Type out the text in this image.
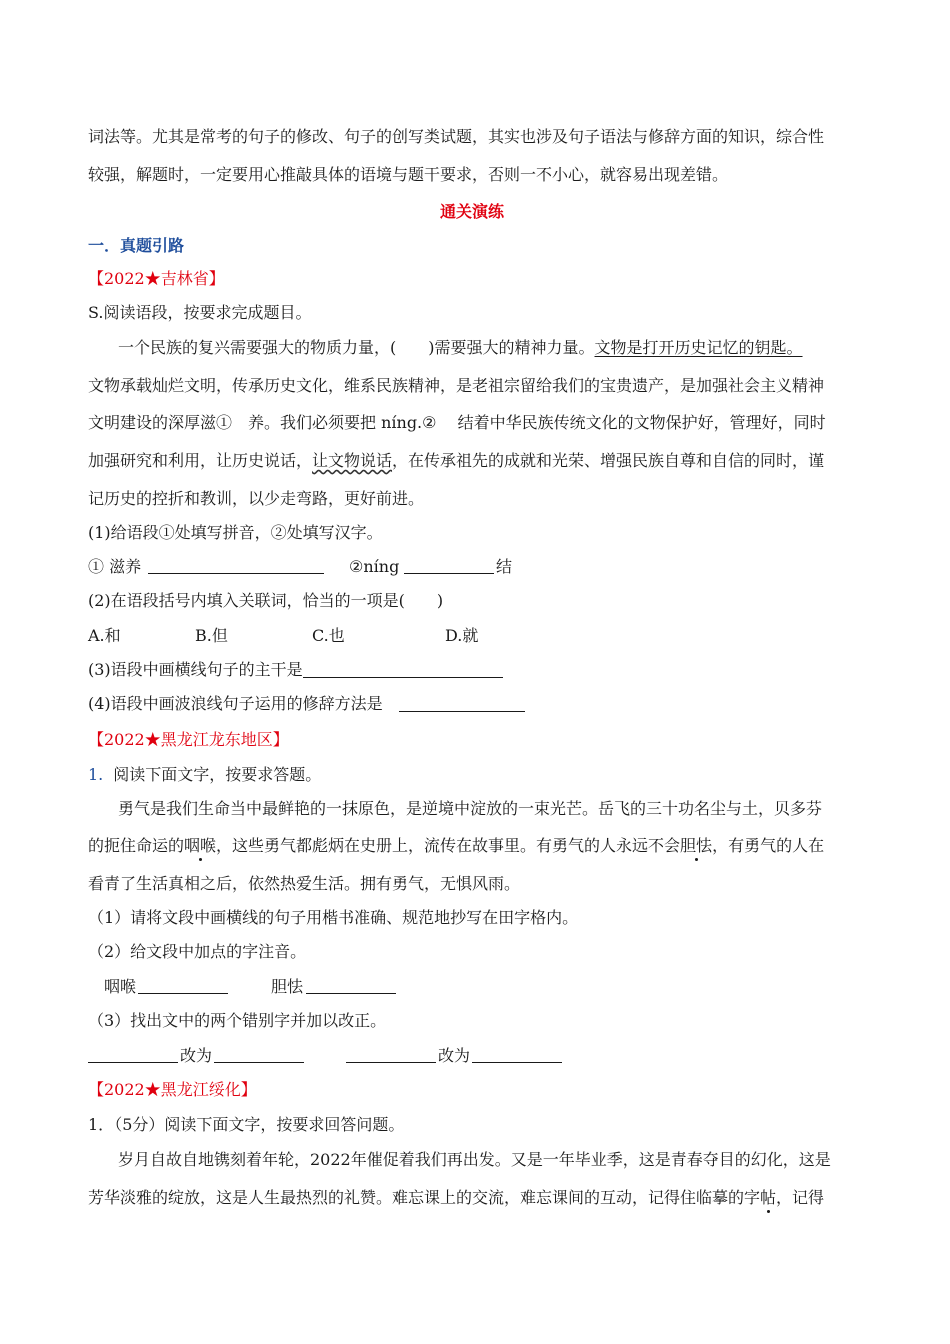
词法等。尤其是常考的句子的修改、句子的创写类试题，其实也涉及句子语法与修辞方面的知识，综合性
较强，解题时，一定要用心推敲具体的语境与题干要求，否则一不小心，就容易出现差错。
通关演练
一．真题引路
【2022★吉林省】
S.阅读语段，按要求完成题目。
一个民族的复兴需要强大的物质力量，(　　)需要强大的精神力量。文物是打开历史记忆的钥匙。
文物承载灿烂文明，传承历史文化，维系民族精神，是老祖宗留给我们的宝贵遗产，是加强社会主义精神
文明建设的深厚滋①　养。我们必须要把 níng.②　 结着中华民族传统文化的文物保护好，管理好，同时
加强研究和利用，让历史说话，让文物说话，在传承祖先的成就和光荣、增强民族自尊和自信的同时，谨
记历史的控折和教训，以少走弯路，更好前进。
(1)给语段①处填写拼音，②处填写汉字。
① 滋养	②níng	结
(2)在语段括号内填入关联词，恰当的一项是(　　)
A.和	B.但	C.也	D.就
(3)语段中画横线句子的主干是
(4)语段中画波浪线句子运用的修辞方法是
【2022★黑龙江龙东地区】
1. 阅读下面文字，按要求答题。
勇气是我们生命当中最鲜艳的一抹原色，是逆境中淀放的一束光芒。岳飞的三十功名尘与土，贝多芬
的扼住命运的咽喉，这些勇气都彪炳在史册上，流传在故事里。有勇气的人永远不会胆怯，有勇气的人在
看青了生活真相之后，依然热爱生活。拥有勇气，无惧风雨。
（1）请将文段中画横线的句子用楷书准确、规范地抄写在田字格内。
（2）给文段中加点的字注音。
咽喉	胆怯
（3）找出文中的两个错别字并加以改正。
改为	改为
【2022★黑龙江绥化】
1．（5分）阅读下面文字，按要求回答问题。
岁月自故自地镌刻着年轮，2022年催促着我们再出发。又是一年毕业季，这是青春夺目的幻化，这是
芳华淡雅的绽放，这是人生最热烈的礼赞。难忘课上的交流，难忘课间的互动，记得住临摹的字帖，记得
